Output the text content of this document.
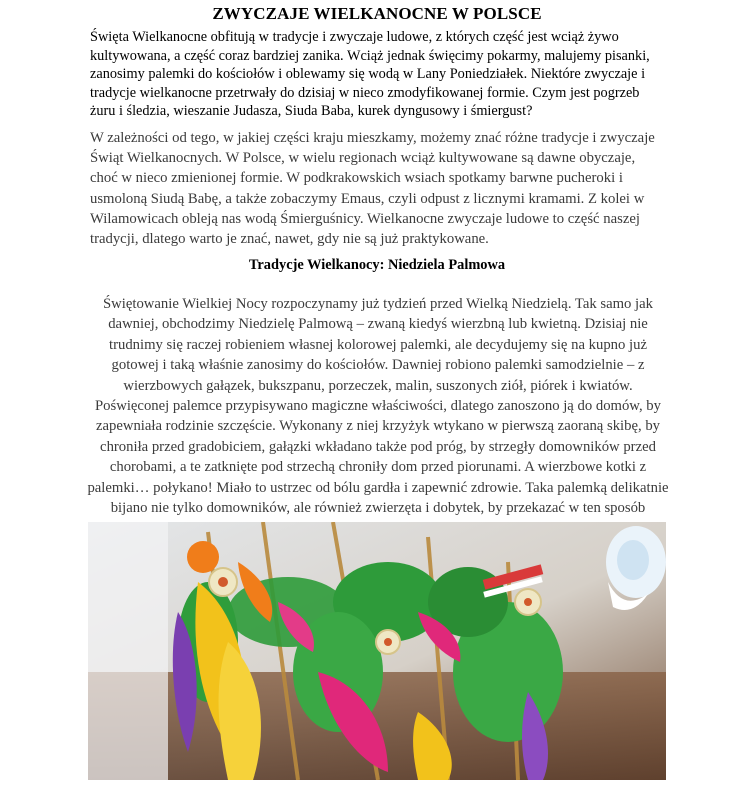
ZWYCZAJE WIELKANOCNE W POLSCE
Święta Wielkanocne obfitują w tradycje i zwyczaje ludowe, z których część jest wciąż żywo kultywowana, a część coraz bardziej zanika. Wciąż jednak święcimy pokarmy, malujemy pisanki, zanosimy palemki do kościołów i oblewamy się wodą w Lany Poniedziałek. Niektóre zwyczaje i tradycje wielkanocne przetrwały do dzisiaj w nieco zmodyfikowanej formie. Czym jest pogrzeb żuru i śledzia, wieszanie Judasza, Siuda Baba, kurek dyngusowy i śmiergust?
W zależności od tego, w jakiej części kraju mieszkamy, możemy znać różne tradycje i zwyczaje Świąt Wielkanocnych. W Polsce, w wielu regionach wciąż kultywowane są dawne obyczaje, choć w nieco zmienionej formie. W podkrakowskich wsiach spotkamy barwne pucheroki i usmoloną Siudą Babę, a także zobaczymy Emaus, czyli odpust z licznymi kramami. Z kolei w Wilamowicach obleją nas wodą Śmierguśnicy. Wielkanocne zwyczaje ludowe to część naszej tradycji, dlatego warto je znać, nawet, gdy nie są już praktykowane.
Tradycje Wielkanocy: Niedziela Palmowa
Świętowanie Wielkiej Nocy rozpoczynamy już tydzień przed Wielką Niedzielą. Tak samo jak dawniej, obchodzimy Niedzielę Palmową – zwaną kiedyś wierzbną lub kwietną. Dzisiaj nie trudnimy się raczej robieniem własnej kolorowej palemki, ale decydujemy się na kupno już gotowej i taką właśnie zanosimy do kościołów. Dawniej robiono palemki samodzielnie – z wierzbowych gałązek, bukszpanu, porzeczek, malin, suszonych ziół, piórek i kwiatów. Poświęconej palemce przypisywano magiczne właściwości, dlatego zanoszono ją do domów, by zapewniała rodzinie szczęście. Wykonany z niej krzyżyk wtykano w pierwszą zaoraną skibę, by chroniła przed gradobiciem, gałązki wkładano także pod próg, by strzegły domowników przed chorobami, a te zatknięte pod strzechą chroniły dom przed piorunami. A wierzbowe kotki z palemki… połykano! Miało to ustrzec od bólu gardła i zapewnić zdrowie. Taka palemką delikatnie bijano nie tylko domowników, ale również zwierzęta i dobytek, by przekazać w ten sposób
